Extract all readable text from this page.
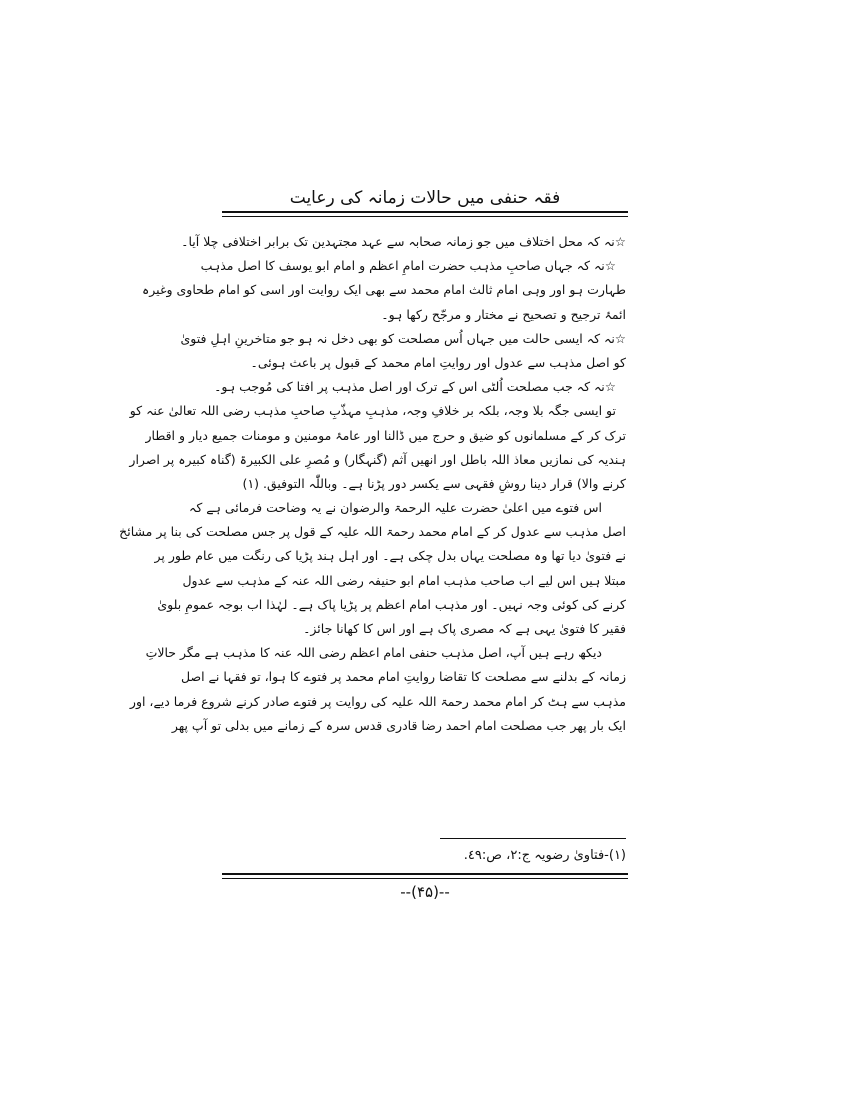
فقہ حنفی میں حالات زمانہ کی رعایت
☆نہ کہ محل اختلاف میں جو زمانہ صحابہ سے عہد مجتہدین تک برابر اختلافی چلا آیا۔
☆نہ کہ جہاں صاحبِ مذہب حضرت امامِ اعظم و امام ابو یوسف کا اصل مذہب
طہارت ہو اور وہی امام ثالث امام محمد سے بھی ایک روایت اور اسی کو امام طحاوی وغیرہ
ائمۂ ترجیح و تصحیح نے مختار و مرجّح رکھا ہو۔
☆نہ کہ ایسی حالت میں جہاں اُس مصلحت کو بھی دخل نہ ہو جو متاخرینِ اہلِ فتویٰ
کو اصل مذہب سے عدول اور روایتِ امام محمد کے قبول پر باعث ہوئی۔
☆نہ کہ جب مصلحت اُلٹی اس کے ترک اور اصل مذہب پر افتا کی مُوجب ہو۔
تو ایسی جگہ بلا وجہ، بلکہ بر خلافِ وجہ، مذہبِ مہذّبِ صاحبِ مذہب رضی اللہ تعالیٰ عنہ کو
ترک کر کے مسلمانوں کو ضیق و حرج میں ڈالنا اور عامۂ مومنین و مومنات جمیع دیار و اقطار
ہندیہ کی نمازیں معاذ اللہ باطل اور انھیں آثم (گنہگار) و مُصرِ علی الکبیرۃ (گناہ کبیرہ پر اصرار
کرنے والا) قرار دینا روشِ فقہی سے یکسر دور پڑنا ہے۔ وباللّٰہ التوفیق. (۱)
اس فتوے میں اعلیٰ حضرت علیہ الرحمۃ والرضوان نے یہ وضاحت فرمائی ہے کہ
اصل مذہب سے عدول کر کے امام محمد رحمۃ اللہ علیہ کے قول پر جس مصلحت کی بنا پر مشائخ
نے فتویٰ دیا تھا وہ مصلحت یہاں بدل چکی ہے۔ اور اہل ہند پڑیا کی رنگت میں عام طور پر
مبتلا ہیں اس لیے اب صاحب مذہب امام ابو حنیفہ رضی اللہ عنہ کے مذہب سے عدول
کرنے کی کوئی وجہ نہیں۔ اور مذہب امام اعظم پر پڑیا پاک ہے۔ لہٰذا اب بوجہ عمومِ بلویٰ
فقیر کا فتویٰ یہی ہے کہ مصری پاک ہے اور اس کا کھانا جائز۔
دیکھ رہے ہیں آپ، اصل مذہب حنفی امام اعظم رضی اللہ عنہ کا مذہب ہے مگر حالاتِ
زمانہ کے بدلنے سے مصلحت کا تقاضا روایتِ امام محمد پر فتوے کا ہوا، تو فقہا نے اصل
مذہب سے ہٹ کر امام محمد رحمۃ اللہ علیہ کی روایت پر فتوے صادر کرنے شروع فرما دیے، اور
ایک بار پھر جب مصلحت امام احمد رضا قادری قدس سرہ کے زمانے میں بدلی تو آپ پھر
(۱)-فتاویٰ رضویہ ج:۲، ص:٤٩.
--(۴۵)--
